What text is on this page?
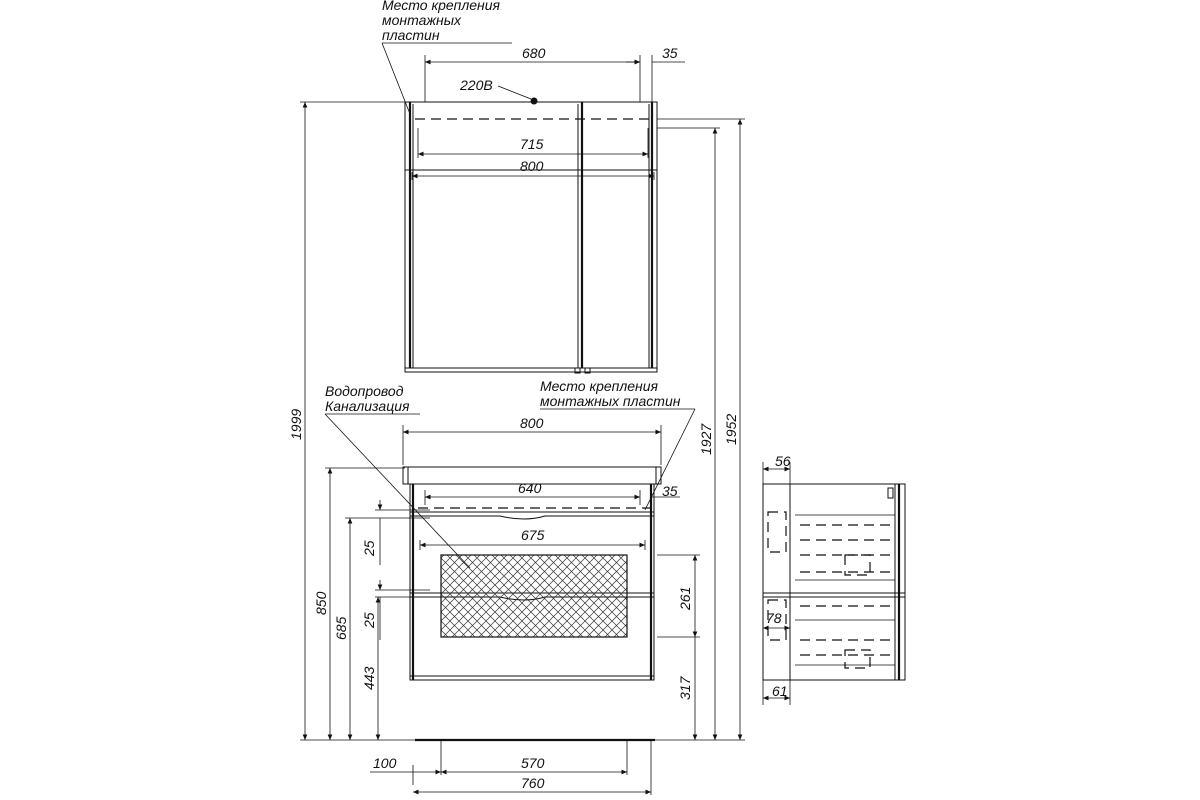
680	35
715
800
220В
Место крепления
монтажных
пластин
1999
850
685
443
25
25
1927 1952
261
317
800
640	35
675
100	570
760
Водопровод
Канализация
Место крепления
монтажных пластин
56
78
61
